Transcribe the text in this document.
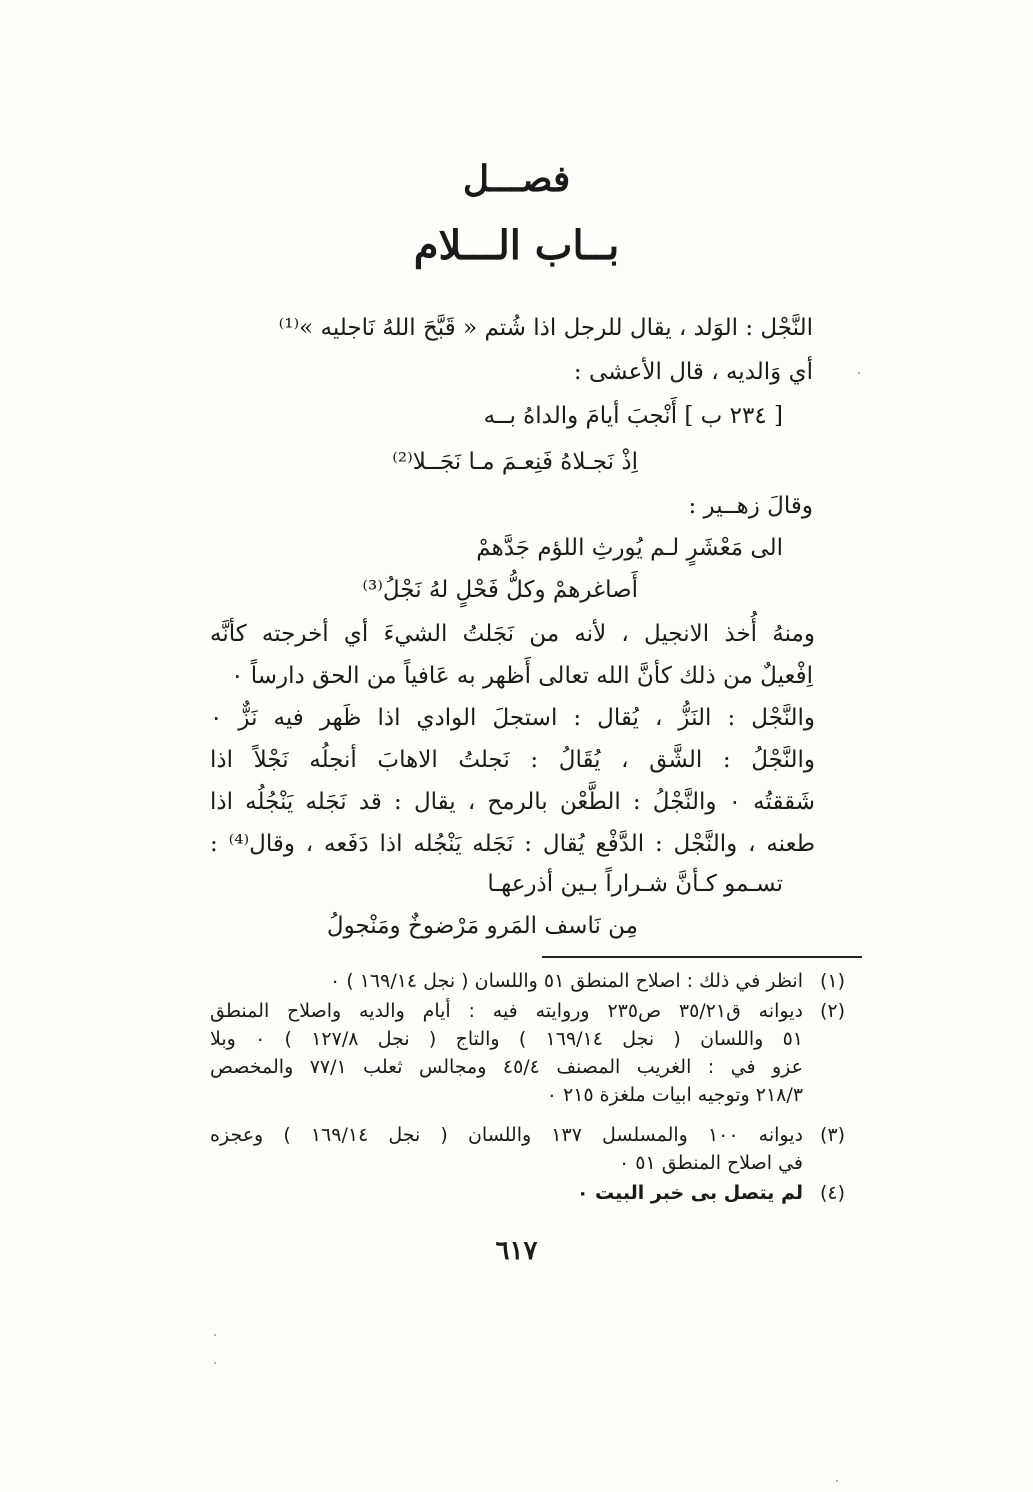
فصـــل
بــاب الـــلام
النَّجْل : الوَلد ، يقال للرجل اذا شُتم « قَبَّحَ اللهُ نَاجليه »⁽¹⁾
أي وَالديه ، قال الأعشى :
[ ٢٣٤ ب ] أَنْجبَ أيامَ والداهُ بــه
اِذْ نَجـلاهُ فَنِعـمَ مـا نَجَــلا⁽²⁾
وقالَ زهــير :
الى مَعْشَرٍ لـم يُورثِ اللؤم جَدَّهمْ
أَصاغرهمْ وكلُّ فَحْلٍ لهُ نَجْلُ⁽³⁾
ومنهُ أُخذ الانجيل ، لأنه من نَجَلتُ الشيءَ أي أخرجته كأنَّه
اِفْعيلٌ من ذلك كأنَّ الله تعالى أَظهر به عَافياً من الحق دارساً ٠
والنَّجْل : النَزُّ ، يُقال : استجلَ الوادي اذا ظَهر فيه نَزٌّ ٠
والنَّجْلُ : الشَّق ، يُقَالُ : نَجلتُ الاهابَ أنجلُه نَجْلاً اذا
شَققتُه ٠ والنَّجْلُ : الطَّعْن بالرمح ، يقال : قد نَجَله يَنْجُلُه اذا
طعنه ، والنَّجْل : الدَّفْع يُقال : نَجَله يَنْجُله اذا دَفَعه ، وقال⁽⁴⁾ :
تسـمو كـأنَّ شـراراً بـين أذرعهـا
مِن نَاسف المَرو مَرْضوخٌ ومَنْجولُ
(١)
انظر في ذلك : اصلاح المنطق ٥١ واللسان ( نجل ١٦٩/١٤ ) ٠
(٢)
ديوانه ق٣٥/٢١ ص٢٣٥ وروايته فيه : أيام والديه واصلاح المنطق
٥١ واللسان ( نجل ١٦٩/١٤ ) والتاج ( نجل ١٢٧/٨ ) ٠ وبلا
عزو في : الغريب المصنف ٤٥/٤ ومجالس ثعلب ٧٧/١ والمخصص
٢١٨/٣ وتوجيه ابيات ملغزة ٢١٥ ٠
(٣)
ديوانه ١٠٠ والمسلسل ١٣٧ واللسان ( نجل ١٦٩/١٤ ) وعجزه
في اصلاح المنطق ٥١ ٠
(٤)
لم يتصل بى خبر البيت ٠
٦١٧
